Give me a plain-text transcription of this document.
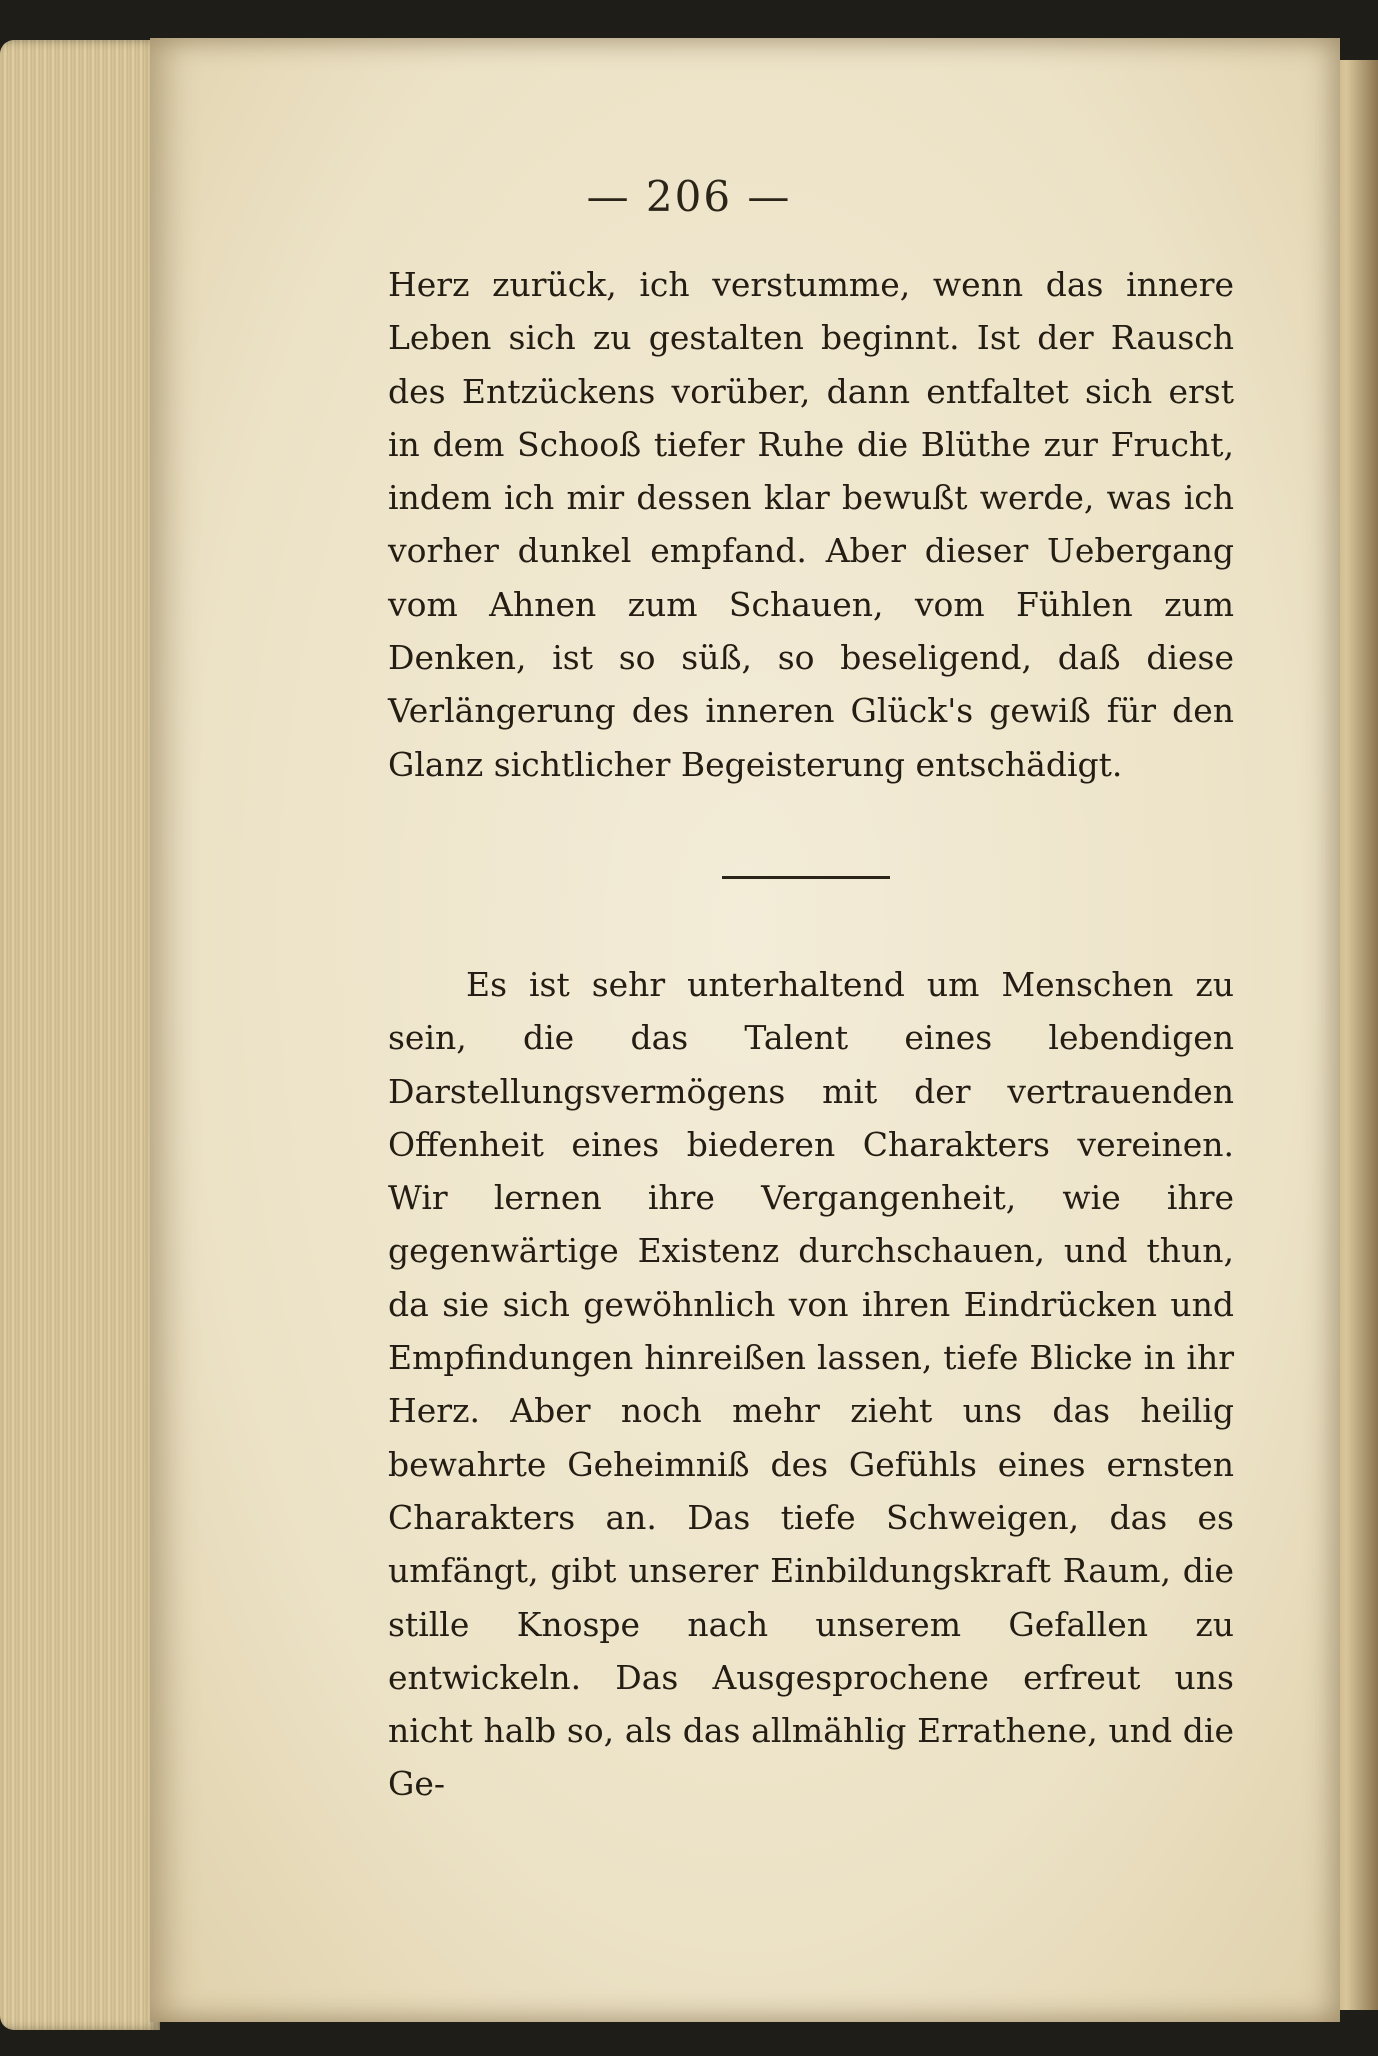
— 206 —
Herz zurück, ich verstumme, wenn das innere Leben sich zu gestalten beginnt. Ist der Rausch des Entzückens vorüber, dann entfaltet sich erst in dem Schooß tiefer Ruhe die Blüthe zur Frucht, indem ich mir dessen klar bewußt werde, was ich vorher dunkel empfand. Aber dieser Uebergang vom Ahnen zum Schauen, vom Fühlen zum Denken, ist so süß, so beseligend, daß diese Verlängerung des inneren Glück's gewiß für den Glanz sichtlicher Begeisterung entschädigt.
Es ist sehr unterhaltend um Menschen zu sein, die das Talent eines lebendigen Darstellungsvermögens mit der vertrauenden Offenheit eines biederen Charakters vereinen. Wir lernen ihre Vergangenheit, wie ihre gegenwärtige Existenz durchschauen, und thun, da sie sich gewöhnlich von ihren Eindrücken und Empfindungen hinreißen lassen, tiefe Blicke in ihr Herz. Aber noch mehr zieht uns das heilig bewahrte Geheimniß des Gefühls eines ernsten Charakters an. Das tiefe Schweigen, das es umfängt, gibt unserer Einbildungskraft Raum, die stille Knospe nach unserem Gefallen zu entwickeln. Das Ausgesprochene erfreut uns nicht halb so, als das allmählig Errathene, und die Ge-
